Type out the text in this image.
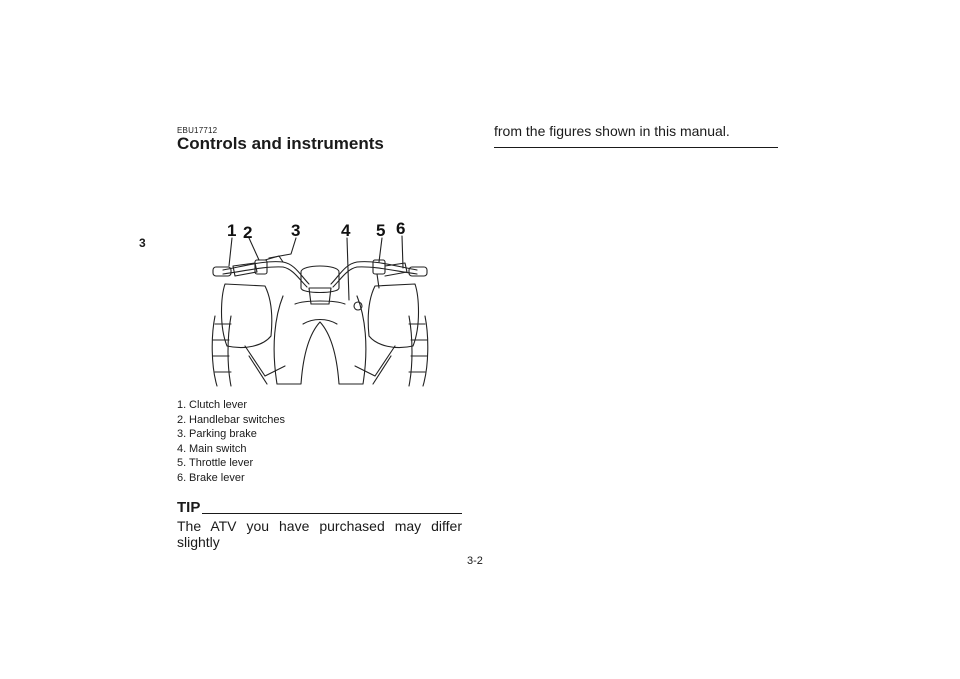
3
EBU17712
Controls and instruments
1 2 3 4 5 6
1. Clutch lever
2. Handlebar switches
3. Parking brake
4. Main switch
5. Throttle lever
6. Brake lever
TIP
The ATV you have purchased may differ slightly
from the figures shown in this manual.
3-2
